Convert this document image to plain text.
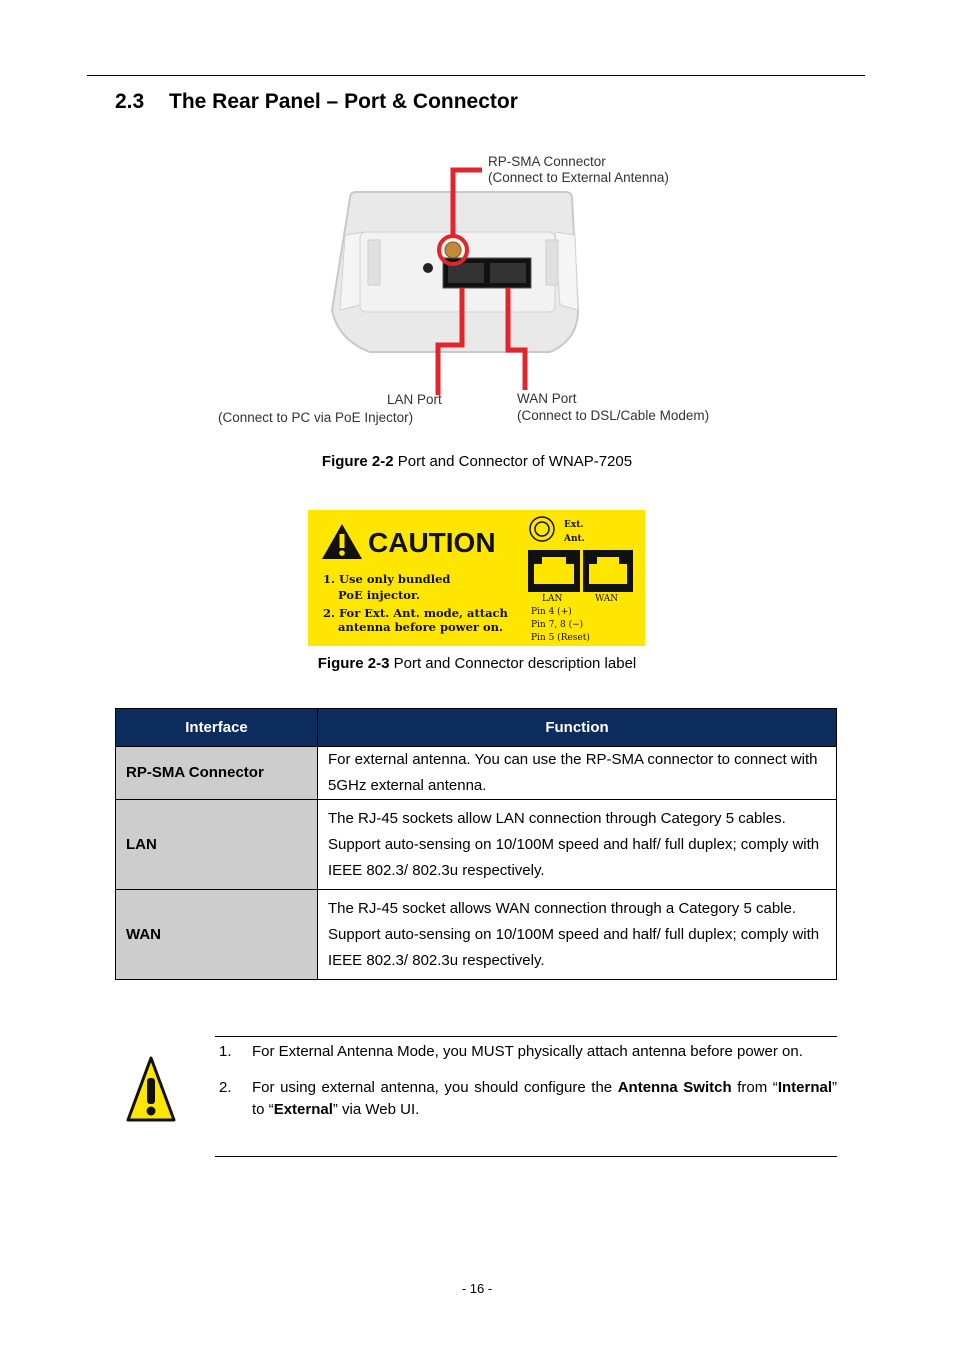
2.3 The Rear Panel – Port & Connector
RP-SMA Connector
(Connect to External Antenna)
LAN Port
(Connect to PC via PoE Injector)
WAN Port
(Connect to DSL/Cable Modem)
Figure 2-2 Port and Connector of WNAP-7205
CAUTION
1. Use only bundled
PoE injector.
2. For Ext. Ant. mode, attach
antenna before power on.
Ext.
Ant.
LAN	WAN
Pin 4 (+)
Pin 7, 8 (−)
Pin 5 (Reset)
Figure 2-3 Port and Connector description label
Interface	Function
RP-SMA Connector	For external antenna. You can use the RP-SMA connector to connect with 5GHz external antenna.
LAN	The RJ-45 sockets allow LAN connection through Category 5 cables. Support auto-sensing on 10/100M speed and half/ full duplex; comply with IEEE 802.3/ 802.3u respectively.
WAN	The RJ-45 socket allows WAN connection through a Category 5 cable. Support auto-sensing on 10/100M speed and half/ full duplex; comply with IEEE 802.3/ 802.3u respectively.
1. For External Antenna Mode, you MUST physically attach antenna before power on.
2. For using external antenna, you should configure the Antenna Switch from “Internal” to “External” via Web UI.
- 16 -
